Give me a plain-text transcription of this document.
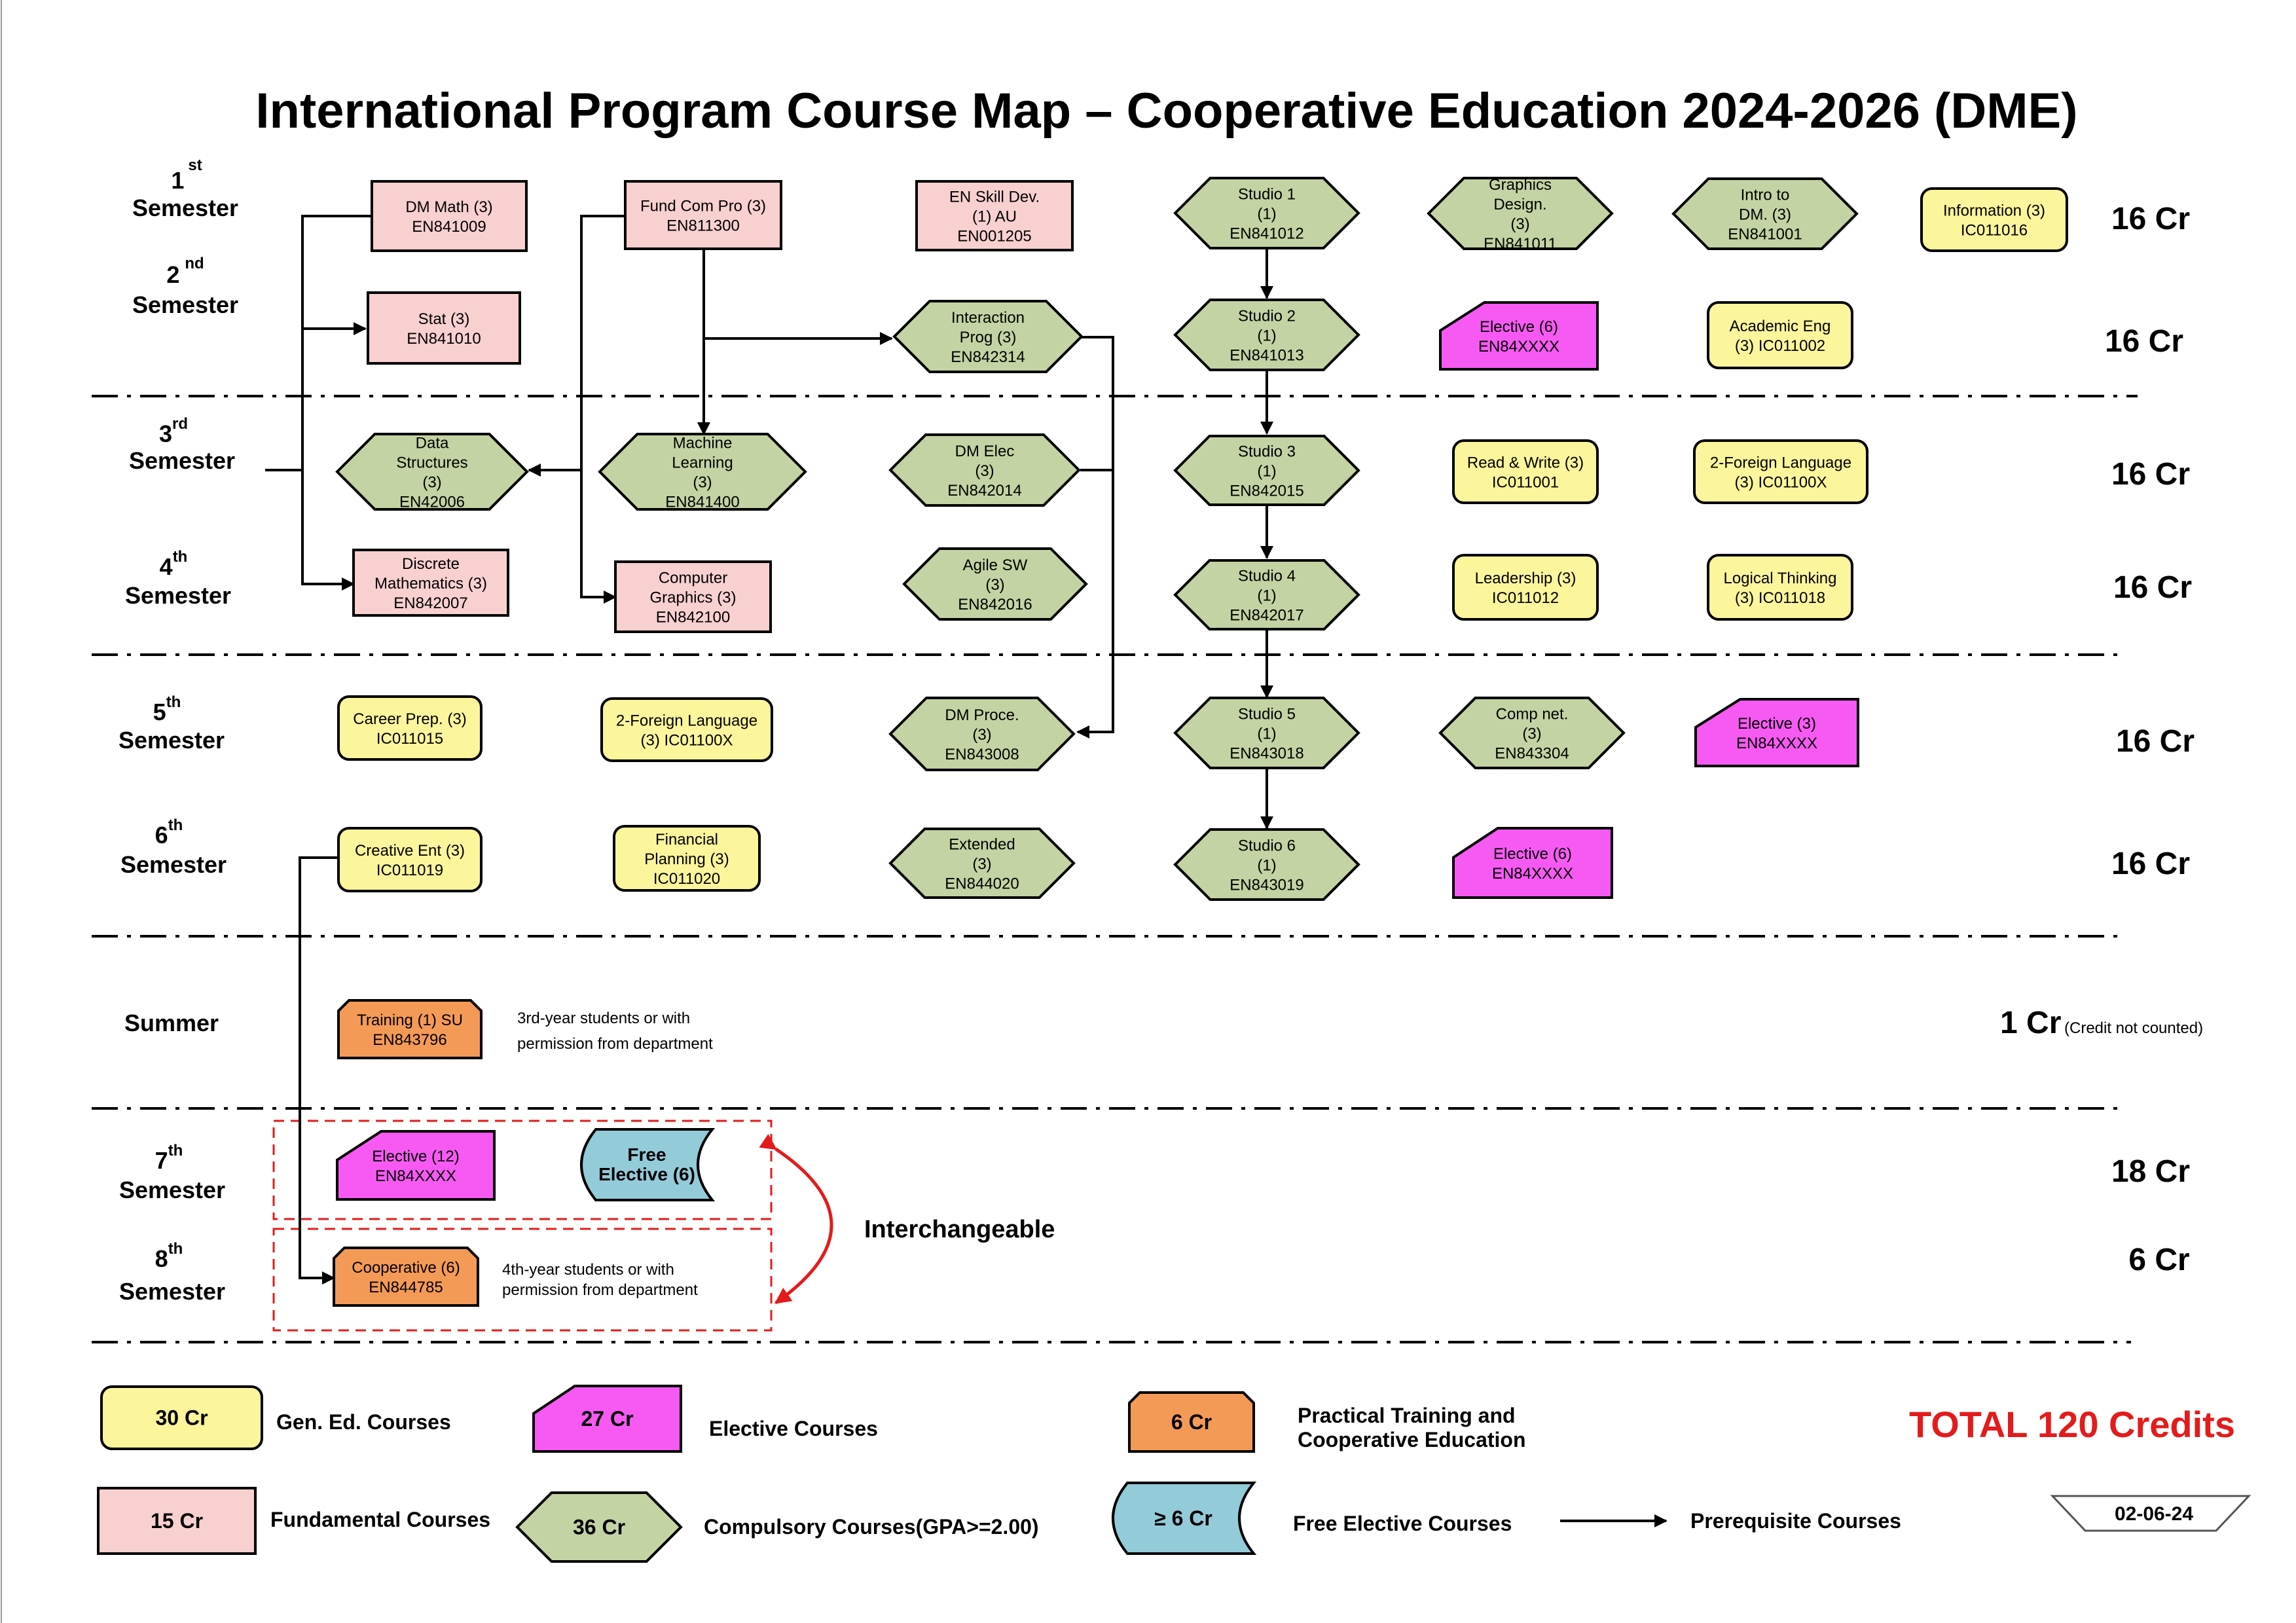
International Program Course Map – Cooperative Education 2024-2026 (DME)
1st
Semester
2 $^{nd}$
Semester
3rd
Semester
4th
Semester
5th
Semester
6th
Semester
Summer
7th
Semester
8th
Semester
16 Cr
16 Cr
16 Cr
16 Cr
16 Cr
16 Cr
1 Cr (Credit not counted)
18 Cr
6 Cr
Interchangeable
DM Math (3)
EN841009
Fund Com Pro (3)
EN811300
EN Skill Dev.
(1) AU
EN001205
Studio 1
(1)
EN841012
Graphics
Design.
(3)
EN841011
Intro to
DM. (3)
EN841001
Information (3)
IC011016
Stat (3)
EN841010
Interaction
Prog (3)
EN842314
Studio 2
(1)
EN841013
Elective (6)
EN84XXXX
Academic Eng
(3) IC011002
Data
Structures
(3)
EN42006
Machine
Learning
(3)
EN841400
DM Elec
(3)
EN842014
Studio 3
(1)
EN842015
Read & Write (3)
IC011001
2-Foreign Language
(3) IC01100X
Discrete
Mathematics (3)
EN842007
Computer
Graphics (3)
EN842100
Agile SW
(3)
EN842016
Studio 4
(1)
EN842017
Leadership (3)
IC011012
Logical Thinking
(3) IC011018
Career Prep. (3)
IC011015
2-Foreign Language
(3) IC01100X
DM Proce.
(3)
EN843008
Studio 5
(1)
EN843018
Comp net.
(3)
EN843304
Elective (3)
EN84XXXX
Creative Ent (3)
IC011019
Financial
Planning (3)
IC011020
Extended
(3)
EN844020
Studio 6
(1)
EN843019
Elective (6)
EN84XXXX
Training (1) SU
EN843796
Elective (12)
EN84XXXX
Free
Elective (6)
Cooperative (6)
EN844785
3rd-year students or with
permission from department
4th-year students or with
permission from department
Gen. Ed. Courses
Fundamental Courses
Elective Courses
Compulsory Courses(GPA>=2.00)
Practical Training and
Cooperative Education
Free Elective Courses	Prerequisite Courses
TOTAL 120 Credits
02-06-24
30 Cr
15 Cr
27 Cr
36 Cr
6 Cr
≥ 6 Cr
